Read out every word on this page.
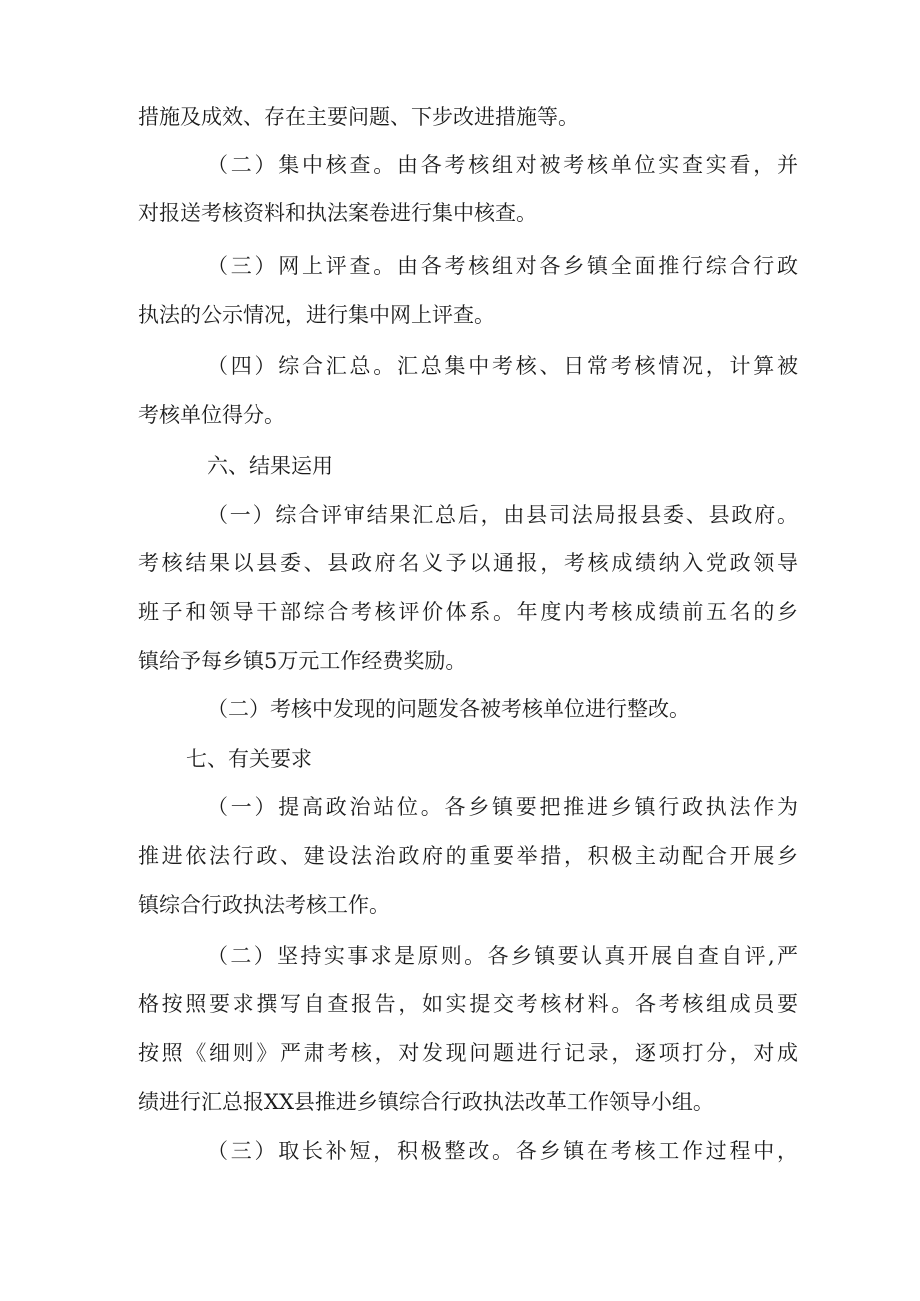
措施及成效、存在主要问题、下步改进措施等。
（二）集中核查。由各考核组对被考核单位实查实看，并
对报送考核资料和执法案卷进行集中核查。
（三）网上评查。由各考核组对各乡镇全面推行综合行政
执法的公示情况，进行集中网上评查。
（四）综合汇总。汇总集中考核、日常考核情况，计算被
考核单位得分。
六、结果运用
（一）综合评审结果汇总后，由县司法局报县委、县政府。
考核结果以县委、县政府名义予以通报，考核成绩纳入党政领导
班子和领导干部综合考核评价体系。年度内考核成绩前五名的乡
镇给予每乡镇5万元工作经费奖励。
（二）考核中发现的问题发各被考核单位进行整改。
七、有关要求
（一）提高政治站位。各乡镇要把推进乡镇行政执法作为
推进依法行政、建设法治政府的重要举措，积极主动配合开展乡
镇综合行政执法考核工作。
（二）坚持实事求是原则。各乡镇要认真开展自查自评,严
格按照要求撰写自查报告，如实提交考核材料。各考核组成员要
按照《细则》严肃考核，对发现问题进行记录，逐项打分，对成
绩进行汇总报XX县推进乡镇综合行政执法改革工作领导小组。
（三）取长补短，积极整改。各乡镇在考核工作过程中，
